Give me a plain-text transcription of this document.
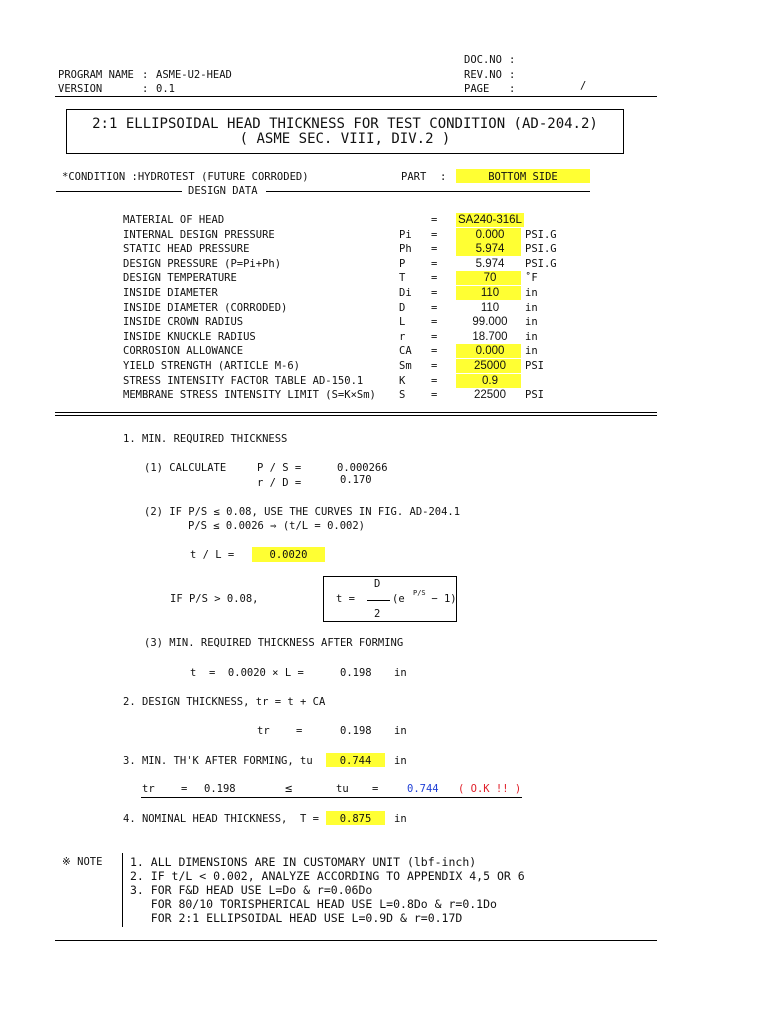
DOC.NO :
PROGRAM NAME : ASME-U2-HEAD	REV.NO :
VERSION	: 0.1	PAGE :	/
2:1 ELLIPSOIDAL HEAD THICKNESS FOR TEST CONDITION (AD-204.2)
( ASME SEC. VIII, DIV.2 )
*CONDITION :HYDROTEST (FUTURE CORRODED)	PART :	BOTTOM SIDE
DESIGN DATA
MATERIAL OF HEAD	= SA240-316L
INTERNAL DESIGN PRESSURE	Pi =	0.000	PSI.G
STATIC HEAD PRESSURE	Ph =	5.974	PSI.G
DESIGN PRESSURE (P=Pi+Ph)	P =	5.974	PSI.G
DESIGN TEMPERATURE	T =	70	˚F
INSIDE DIAMETER	Di =	110	in
INSIDE DIAMETER (CORRODED)	D =	110	in
INSIDE CROWN RADIUS	L =	99.000	in
INSIDE KNUCKLE RADIUS	r =	18.700	in
CORROSION ALLOWANCE	CA =	0.000	in
YIELD STRENGTH (ARTICLE M-6)	Sm =	25000	PSI
STRESS INTENSITY FACTOR TABLE AD-150.1	K =	0.9
MEMBRANE STRESS INTENSITY LIMIT (S=K×Sm) S =	22500	PSI
1. MIN. REQUIRED THICKNESS
(1) CALCULATE	P / S =	0.000266
r / D =	0.170
(2) IF P/S ≤ 0.08, USE THE CURVES IN FIG. AD-204.1
P/S ≤ 0.0026 ⇒ (t/L = 0.002)
t / L =	0.0020
IF P/S > 0.08,	t =
D
2
(e P/S − 1)
(3) MIN. REQUIRED THICKNESS AFTER FORMING
t  =  0.0020 × L =	0.198 in
2. DESIGN THICKNESS, tr = t + CA
tr	=	0.198 in
3. MIN. TH'K AFTER FORMING, tu	0.744	in
tr	= 0.198	≤	tu =	0.744 ( O.K !! )
4. NOMINAL HEAD THICKNESS,  T =	0.875	in
※ NOTE 1. ALL DIMENSIONS ARE IN CUSTOMARY UNIT (lbf-inch)
2. IF t/L < 0.002, ANALYZE ACCORDING TO APPENDIX 4,5 OR 6
3. FOR F&D HEAD USE L=Do & r=0.06Do
FOR 80/10 TORISPHERICAL HEAD USE L=0.8Do & r=0.1Do
FOR 2:1 ELLIPSOIDAL HEAD USE L=0.9D & r=0.17D
